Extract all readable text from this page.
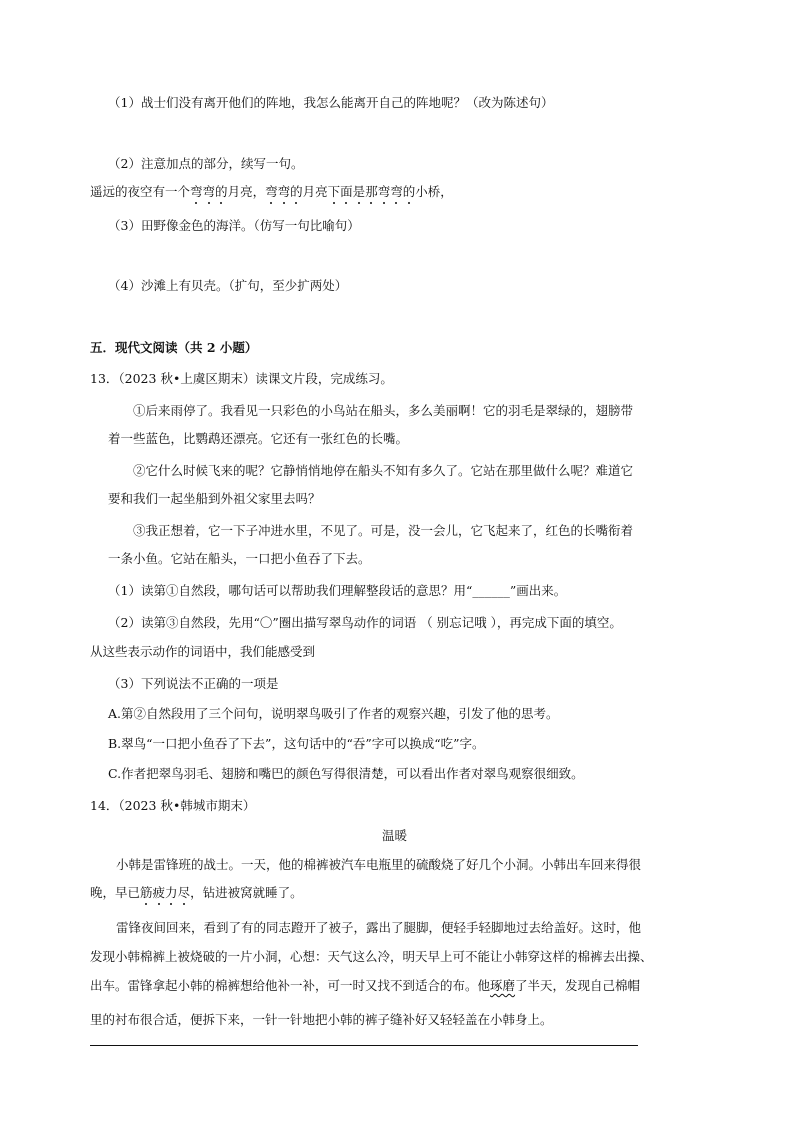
（1）战士们没有离开他们的阵地，我怎么能离开自己的阵地呢？（改为陈述句）
（2）注意加点的部分，续写一句。
遥远的夜空有一个弯弯的月亮，弯弯的月亮下面是那弯弯的小桥，
（3）田野像金色的海洋。（仿写一句比喻句）
（4）沙滩上有贝壳。（扩句，至少扩两处）
五．现代文阅读（共 2 小题）
13．（2023 秋•上虞区期末）读课文片段，完成练习。
①后来雨停了。我看见一只彩色的小鸟站在船头，多么美丽啊！它的羽毛是翠绿的，翅膀带
着一些蓝色，比鹦鹉还漂亮。它还有一张红色的长嘴。
②它什么时候飞来的呢？它静悄悄地停在船头不知有多久了。它站在那里做什么呢？难道它
要和我们一起坐船到外祖父家里去吗？
③我正想着，它一下子冲进水里，不见了。可是，没一会儿，它飞起来了，红色的长嘴衔着
一条小鱼。它站在船头，一口把小鱼吞了下去。
（1）读第①自然段，哪句话可以帮助我们理解整段话的意思？用“______”画出来。
（2）读第③自然段，先用“〇”圈出描写翠鸟动作的词语 （ 别忘记哦 ），再完成下面的填空。
从这些表示动作的词语中，我们能感受到
（3）下列说法不正确的一项是
A.第②自然段用了三个问句，说明翠鸟吸引了作者的观察兴趣，引发了他的思考。
B.翠鸟“一口把小鱼吞了下去”，这句话中的“吞”字可以换成“吃”字。
C.作者把翠鸟羽毛、翅膀和嘴巴的颜色写得很清楚，可以看出作者对翠鸟观察很细致。
14．（2023 秋•韩城市期末）
温暖
小韩是雷锋班的战士。一天，他的棉裤被汽车电瓶里的硫酸烧了好几个小洞。小韩出车回来得很
晚，早已筋疲力尽，钻进被窝就睡了。
雷锋夜间回来，看到了有的同志蹬开了被子，露出了腿脚，便轻手轻脚地过去给盖好。这时，他
发现小韩棉裤上被烧破的一片小洞，心想：天气这么冷，明天早上可不能让小韩穿这样的棉裤去出操、
出车。雷锋拿起小韩的棉裤想给他补一补，可一时又找不到适合的布。他琢磨了半天，发现自己棉帽
里的衬布很合适，便拆下来，一针一针地把小韩的裤子缝补好又轻轻盖在小韩身上。
